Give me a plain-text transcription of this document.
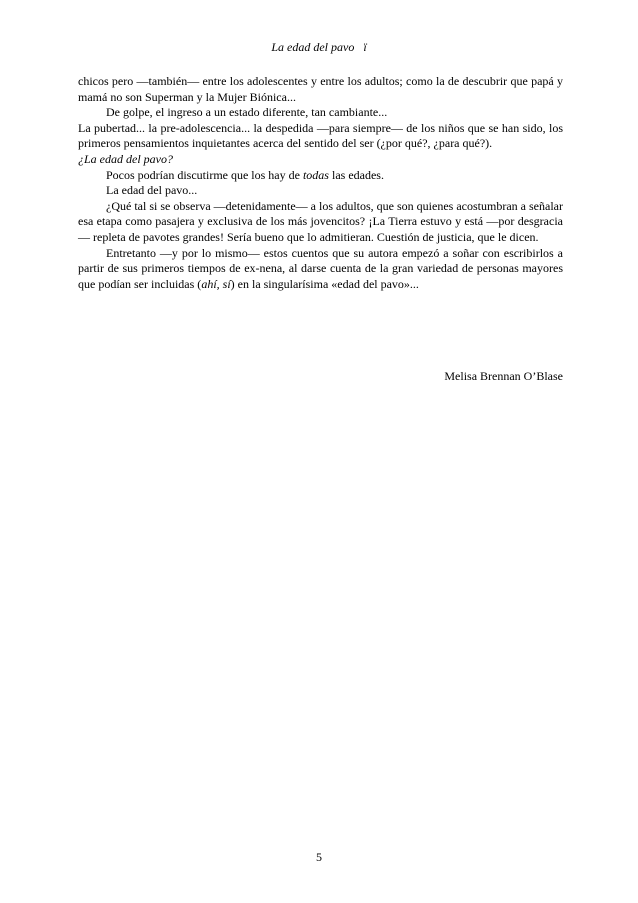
La edad del pavo ï

chicos pero —también— entre los adolescentes y entre los adultos; como la de descubrir que papá y mamá no son Superman y la Mujer Biónica...

De golpe, el ingreso a un estado diferente, tan cambiante...

La pubertad... la pre-adolescencia... la despedida —para siempre— de los niños que se han sido, los primeros pensamientos inquietantes acerca del sentido del ser (¿por qué?, ¿para qué?).

¿La edad del pavo?

Pocos podrían discutirme que los hay de todas las edades.

La edad del pavo...

¿Qué tal si se observa —detenidamente— a los adultos, que son quienes acostumbran a señalar esa etapa como pasajera y exclusiva de los más jovencitos? ¡La Tierra estuvo y está —por desgracia— repleta de pavotes grandes! Sería bueno que lo admitieran. Cuestión de justicia, que le dicen.

Entretanto —y por lo mismo— estos cuentos que su autora empezó a soñar con escribirlos a partir de sus primeros tiempos de ex-nena, al darse cuenta de la gran variedad de personas mayores que podían ser incluidas (ahí, sí) en la singularísima «edad del pavo»...

Melisa Brennan O’Blase
5
